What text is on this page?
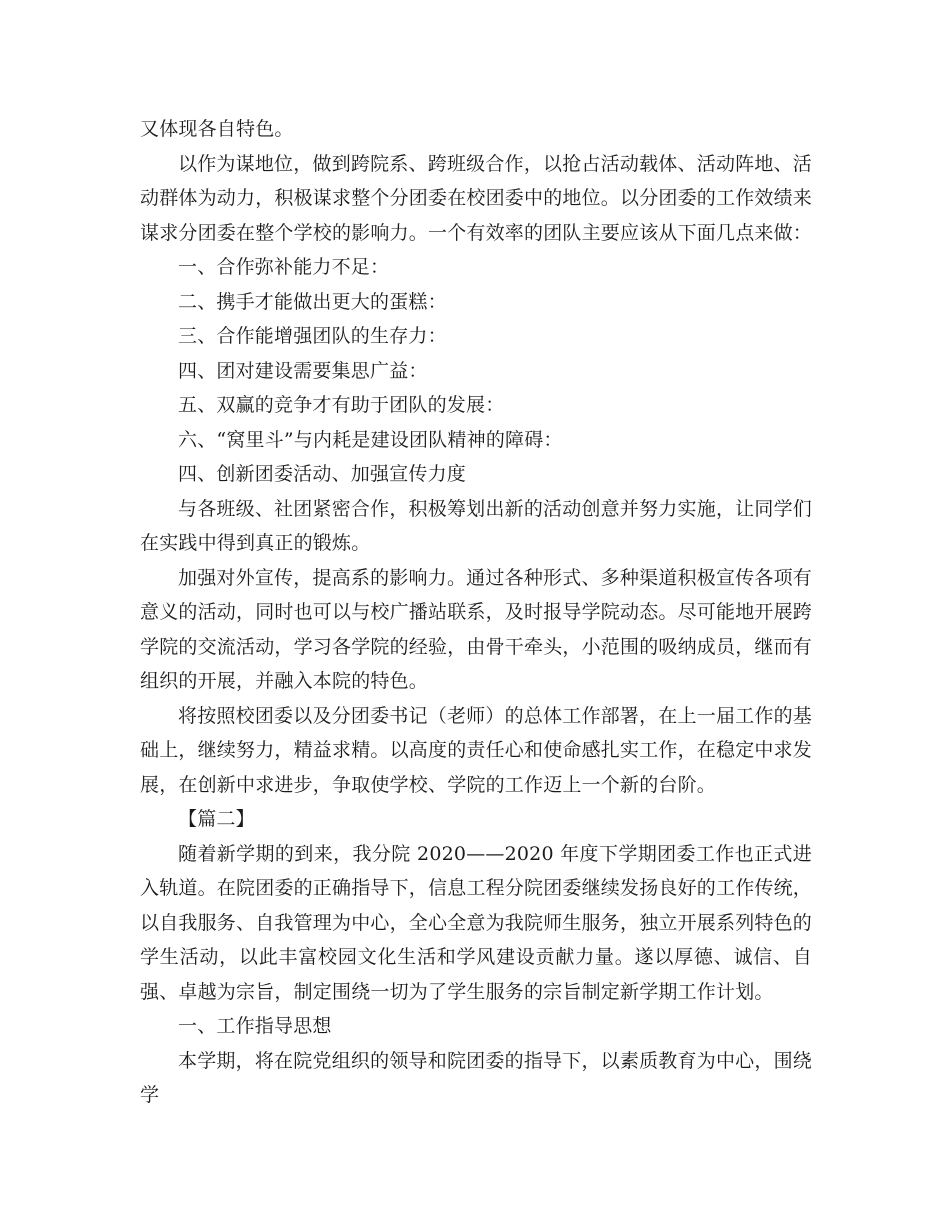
又体现各自特色。

以作为谋地位，做到跨院系、跨班级合作，以抢占活动载体、活动阵地、活动群体为动力，积极谋求整个分团委在校团委中的地位。以分团委的工作效绩来谋求分团委在整个学校的影响力。一个有效率的团队主要应该从下面几点来做：

一、合作弥补能力不足：

二、携手才能做出更大的蛋糕：

三、合作能增强团队的生存力：

四、团对建设需要集思广益：

五、双赢的竞争才有助于团队的发展：

六、“窝里斗”与内耗是建设团队精神的障碍：

四、创新团委活动、加强宣传力度

与各班级、社团紧密合作，积极筹划出新的活动创意并努力实施，让同学们在实践中得到真正的锻炼。

加强对外宣传，提高系的影响力。通过各种形式、多种渠道积极宣传各项有意义的活动，同时也可以与校广播站联系，及时报导学院动态。尽可能地开展跨学院的交流活动，学习各学院的经验，由骨干牵头，小范围的吸纳成员，继而有组织的开展，并融入本院的特色。

将按照校团委以及分团委书记（老师）的总体工作部署，在上一届工作的基础上，继续努力，精益求精。以高度的责任心和使命感扎实工作，在稳定中求发展，在创新中求进步，争取使学校、学院的工作迈上一个新的台阶。

【篇二】

随着新学期的到来，我分院 2020——2020 年度下学期团委工作也正式进入轨道。在院团委的正确指导下，信息工程分院团委继续发扬良好的工作传统，以自我服务、自我管理为中心，全心全意为我院师生服务，独立开展系列特色的学生活动，以此丰富校园文化生活和学风建设贡献力量。遂以厚德、诚信、自强、卓越为宗旨，制定围绕一切为了学生服务的宗旨制定新学期工作计划。

一、工作指导思想

本学期，将在院党组织的领导和院团委的指导下，以素质教育为中心，围绕学
